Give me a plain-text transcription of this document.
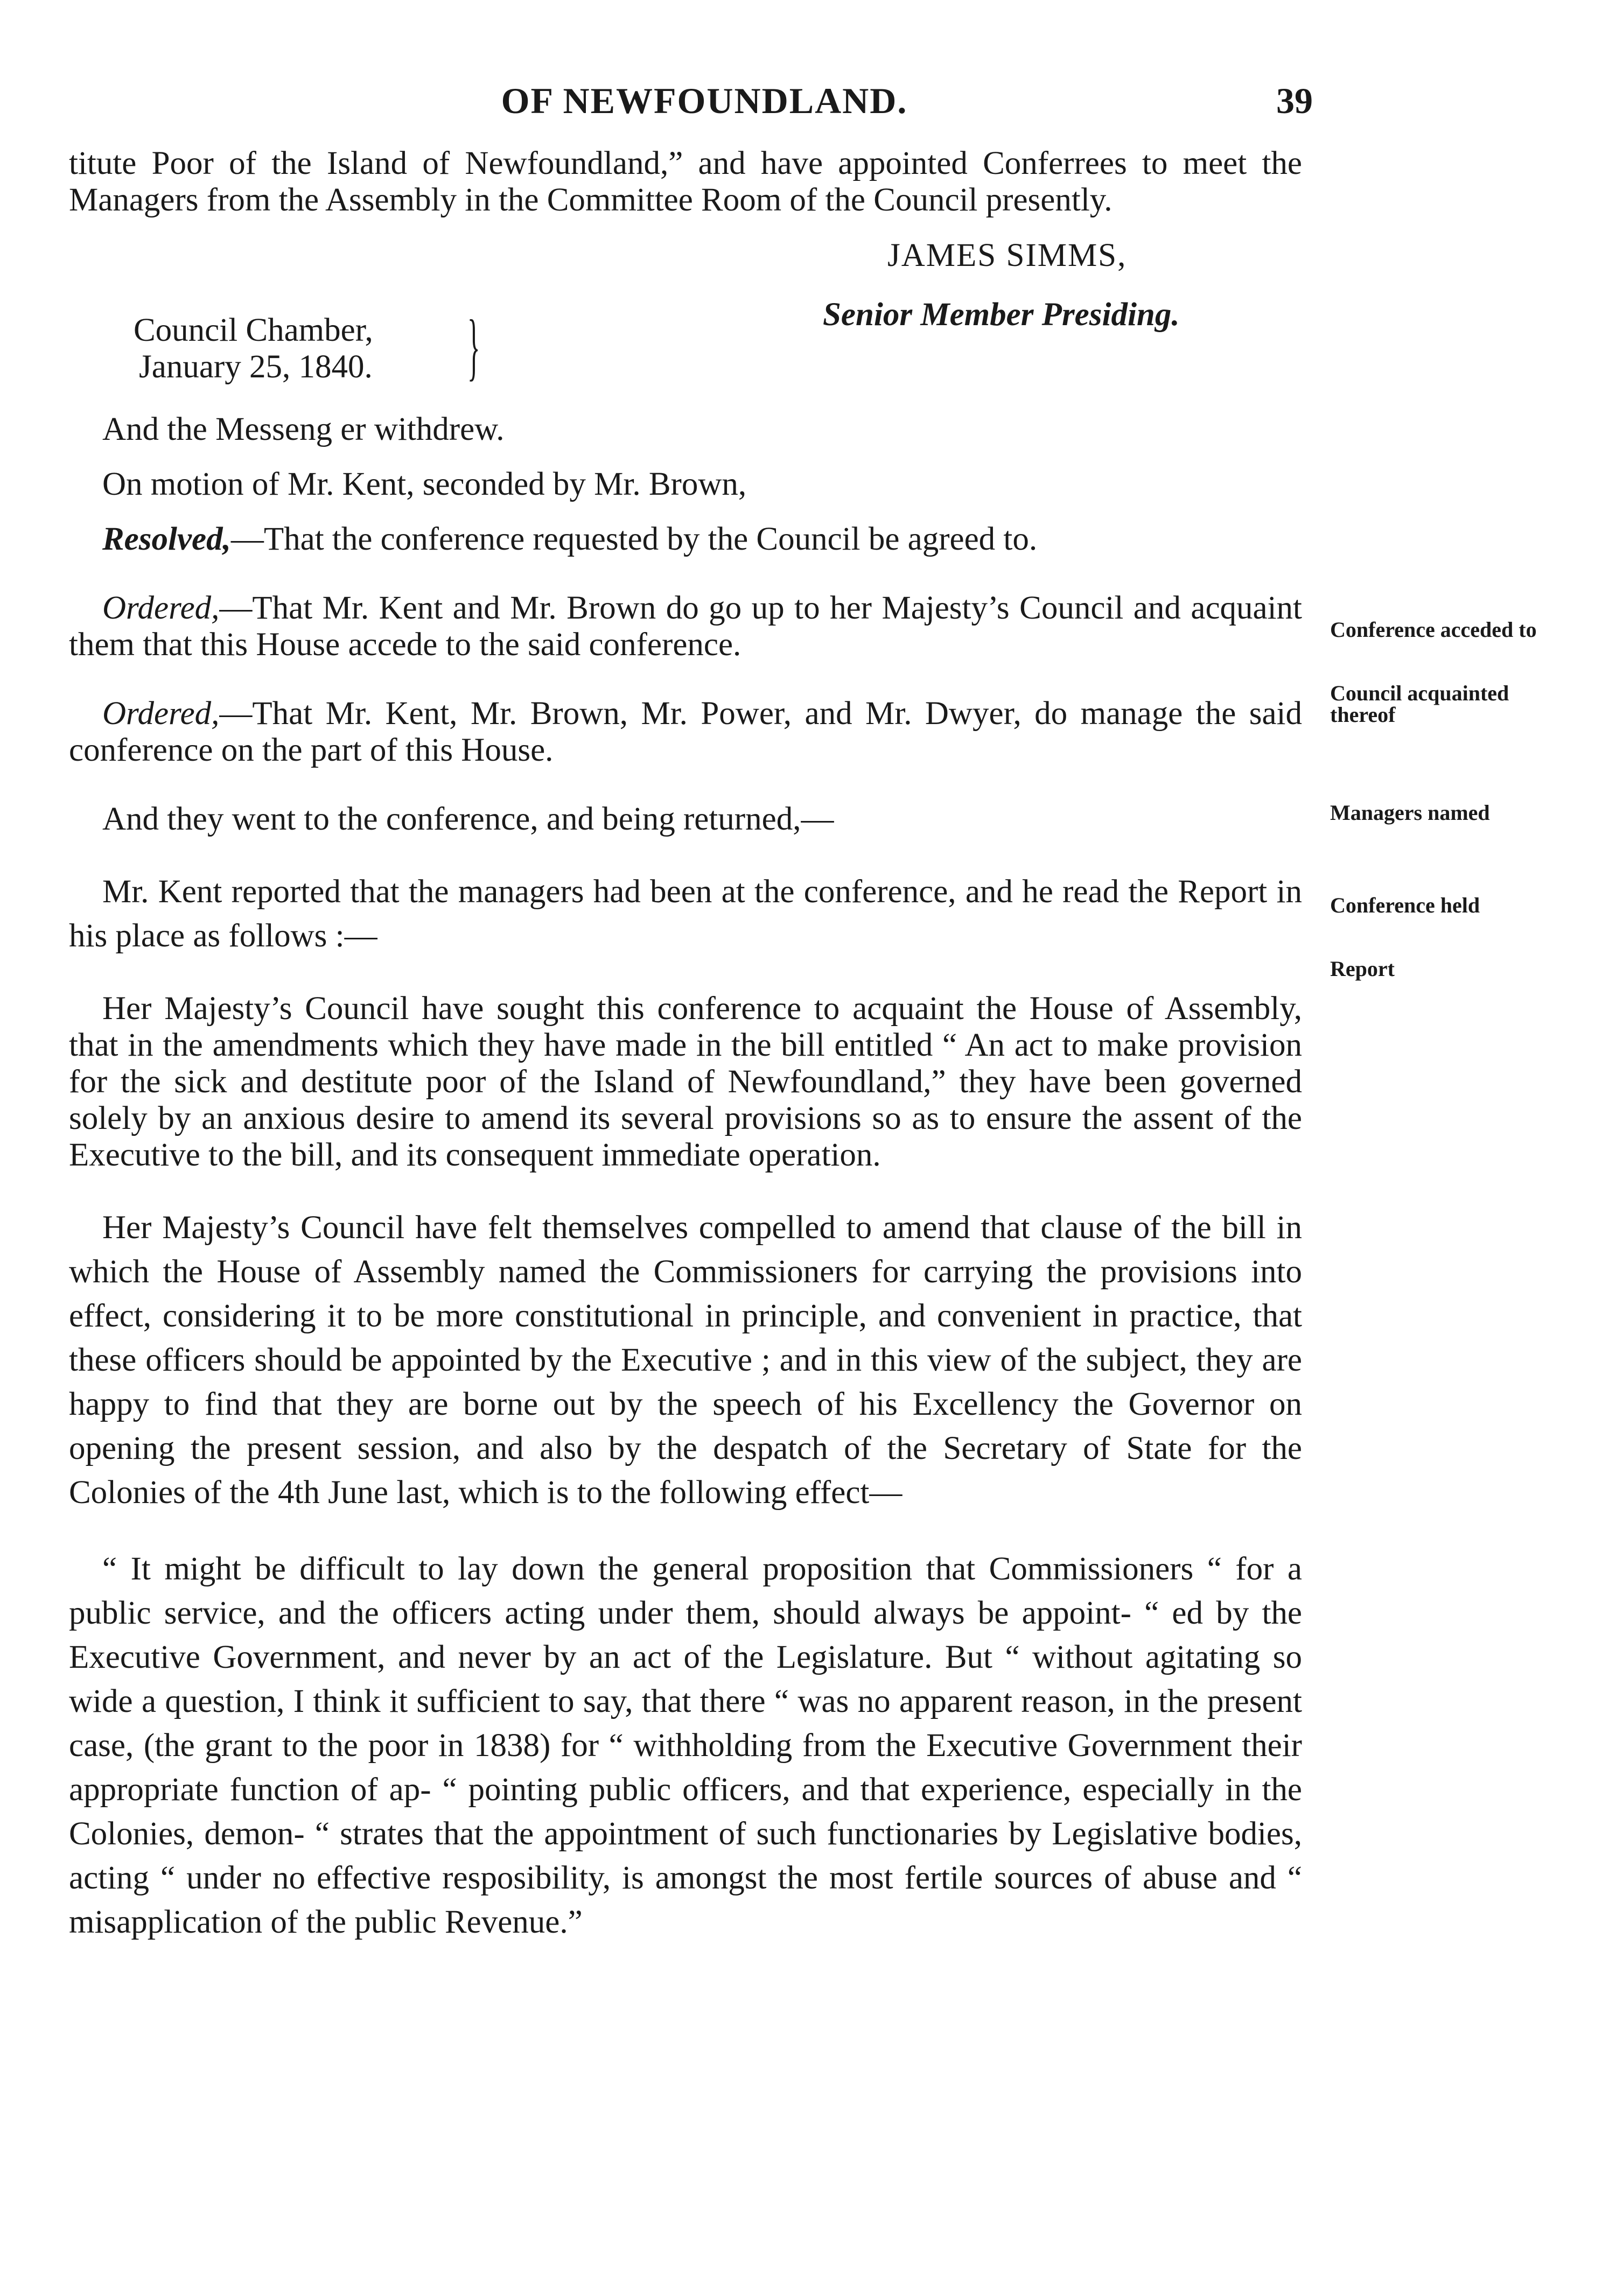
OF NEWFOUNDLAND.	39

titute Poor of the Island of Newfoundland,” and have appointed Conferrees to meet the Managers from the Assembly in the Committee Room of the Council presently.

JAMES SIMMS,
Senior Member Presiding.
Council Chamber,
January 25, 1840.	}

And the Messeng er withdrew.

On motion of Mr. Kent, seconded by Mr. Brown,

Resolved,—That the conference requested by the Council be agreed to.

Ordered,—That Mr. Kent and Mr. Brown do go up to her Majesty’s Council and acquaint them that this House accede to the said conference.

Ordered,—That Mr. Kent, Mr. Brown, Mr. Power, and Mr. Dwyer, do manage the said conference on the part of this House.

And they went to the conference, and being returned,—

Mr. Kent reported that the managers had been at the conference, and he read the Report in his place as follows :—

Her Majesty’s Council have sought this conference to acquaint the House of Assembly, that in the amendments which they have made in the bill entitled “ An act to make provision for the sick and destitute poor of the Island of Newfoundland,” they have been governed solely by an anxious desire to amend its several provisions so as to ensure the assent of the Executive to the bill, and its consequent immediate operation.

Her Majesty’s Council have felt themselves compelled to amend that clause of the bill in which the House of Assembly named the Commissioners for carrying the provisions into effect, considering it to be more constitutional in principle, and convenient in practice, that these officers should be appointed by the Executive ; and in this view of the subject, they are happy to find that they are borne out by the speech of his Excellency the Governor on opening the present session, and also by the despatch of the Secretary of State for the Colonies of the 4th June last, which is to the following effect—

“ It might be difficult to lay down the general proposition that Commissioners “ for a public service, and the officers acting under them, should always be appoint- “ ed by the Executive Government, and never by an act of the Legislature. But “ without agitating so wide a question, I think it sufficient to say, that there “ was no apparent reason, in the present case, (the grant to the poor in 1838) for “ withholding from the Executive Government their appropriate function of ap- “ pointing public officers, and that experience, especially in the Colonies, demon- “ strates that the appointment of such functionaries by Legislative bodies, acting “ under no effective resposibility, is amongst the most fertile sources of abuse and “ misapplication of the public Revenue.”

Conference acceded to
Council acquainted
thereof
Managers named
Conference held
Report
